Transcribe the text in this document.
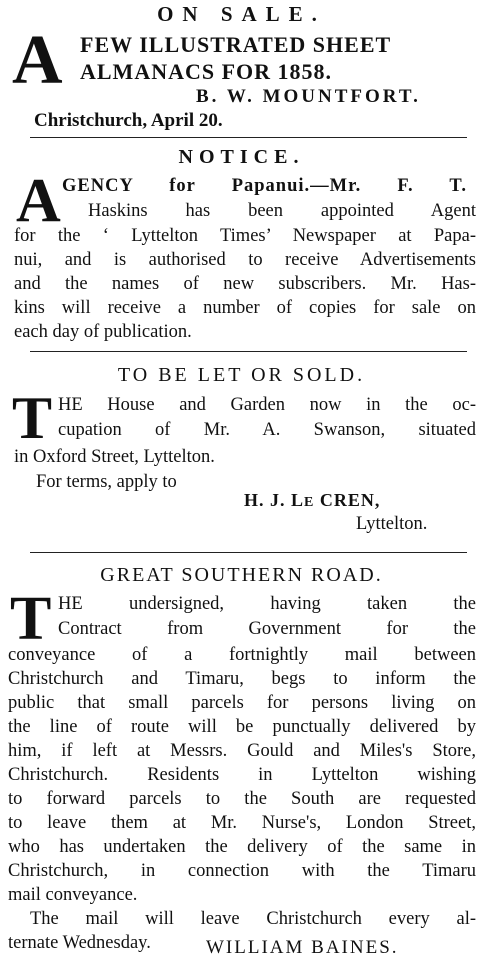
ON SALE.
A FEW ILLUSTRATED SHEET
ALMANACS FOR 1858.
B. W. MOUNTFORT.
Christchurch, April 20.
NOTICE.
A GENCY for Papanui.—Mr. F. T.
Haskins has been appointed Agent
for the ‘ Lyttelton Times’ Newspaper at Papa-
nui, and is authorised to receive Advertisements
and the names of new subscribers. Mr. Has-
kins will receive a number of copies for sale on
each day of publication.
TO BE LET OR SOLD.
T HE House and Garden now in the oc-
cupation of Mr. A. Swanson, situated
in Oxford Street, Lyttelton.
For terms, apply to
H. J. LE CREN,
Lyttelton.
GREAT SOUTHERN ROAD.
T HE undersigned, having taken the
Contract from Government for the
conveyance of a fortnightly mail between
Christchurch and Timaru, begs to inform the
public that small parcels for persons living on
the line of route will be punctually delivered by
him, if left at Messrs. Gould and Miles's Store,
Christchurch. Residents in Lyttelton wishing
to forward parcels to the South are requested
to leave them at Mr. Nurse's, London Street,
who has undertaken the delivery of the same in
Christchurch, in connection with the Timaru
mail conveyance.
The mail will leave Christchurch every al-
ternate Wednesday.	WILLIAM BAINES.
